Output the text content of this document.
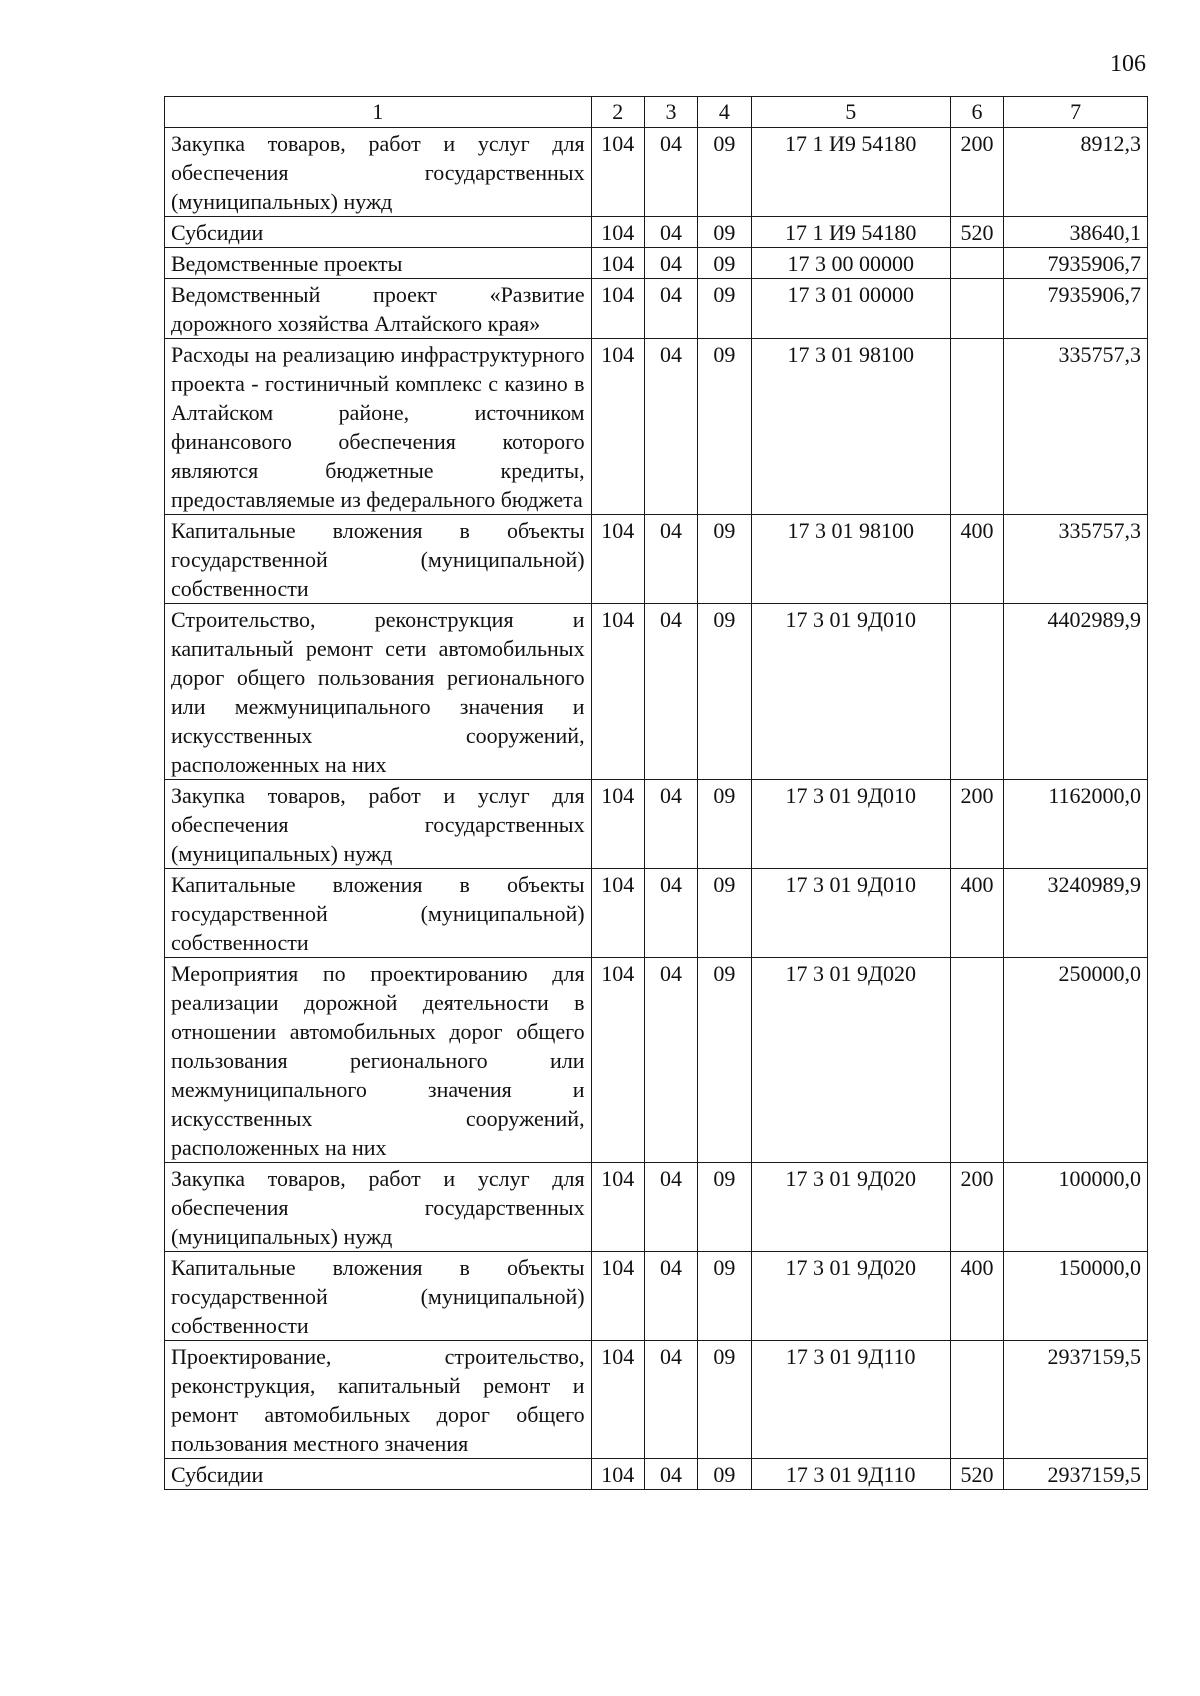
106
1	2	3	4	5	6	7
Закупка товаров, работ и услуг для обеспечения государственных (муниципальных) нужд	104	04	09	17 1 И9 54180	200	8912,3
Субсидии	104	04	09	17 1 И9 54180	520	38640,1
Ведомственные проекты	104	04	09	17 3 00 00000		7935906,7
Ведомственный проект «Развитие дорожного хозяйства Алтайского края»	104	04	09	17 3 01 00000		7935906,7
Расходы на реализацию инфраструктурного проекта - гостиничный комплекс с казино в Алтайском районе, источником финансового обеспечения которого являются бюджетные кредиты, предоставляемые из федерального бюджета	104	04	09	17 3 01 98100		335757,3
Капитальные вложения в объекты государственной (муниципальной) собственности	104	04	09	17 3 01 98100	400	335757,3
Строительство, реконструкция и капитальный ремонт сети автомобильных дорог общего пользования регионального или межмуниципального значения и искусственных сооружений, расположенных на них	104	04	09	17 3 01 9Д010		4402989,9
Закупка товаров, работ и услуг для обеспечения государственных (муниципальных) нужд	104	04	09	17 3 01 9Д010	200	1162000,0
Капитальные вложения в объекты государственной (муниципальной) собственности	104	04	09	17 3 01 9Д010	400	3240989,9
Мероприятия по проектированию для реализации дорожной деятельности в отношении автомобильных дорог общего пользования регионального или межмуниципального значения и искусственных сооружений, расположенных на них	104	04	09	17 3 01 9Д020		250000,0
Закупка товаров, работ и услуг для обеспечения государственных (муниципальных) нужд	104	04	09	17 3 01 9Д020	200	100000,0
Капитальные вложения в объекты государственной (муниципальной) собственности	104	04	09	17 3 01 9Д020	400	150000,0
Проектирование, строительство, реконструкция, капитальный ремонт и ремонт автомобильных дорог общего пользования местного значения	104	04	09	17 3 01 9Д110		2937159,5
Субсидии	104	04	09	17 3 01 9Д110	520	2937159,5
